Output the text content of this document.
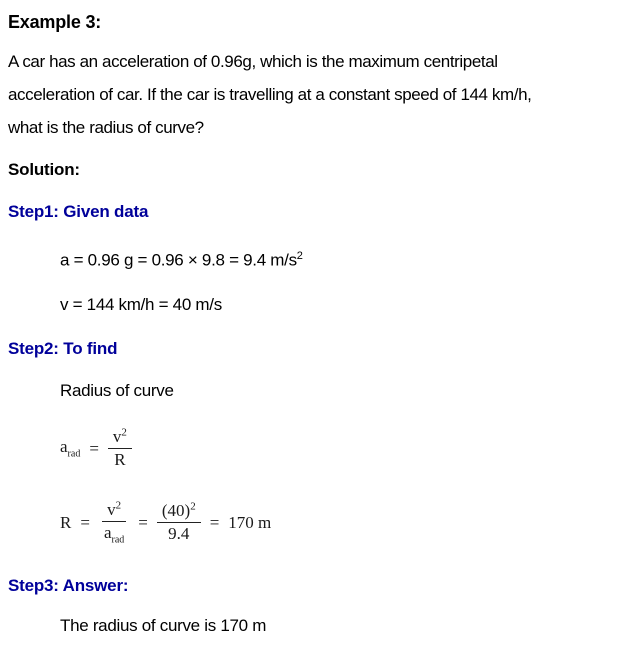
Example 3:
A car has an acceleration of 0.96g, which is the maximum centripetal
acceleration of car. If the car is travelling at a constant speed of 144 km/h,
what is the radius of curve?
Solution:
Step1: Given data
a = 0.96 g = 0.96 × 9.8 = 9.4 $m/s^2$
v = 144 km/h = 40 m/s
Step2: To find
Radius of curve
$a_{rad} = \frac{v^2}{R}$
$R = \frac{v^2}{a_{rad}} = \frac{(40)^2}{9.4} = 170$ m
Step3: Answer:
The radius of curve is 170 m
